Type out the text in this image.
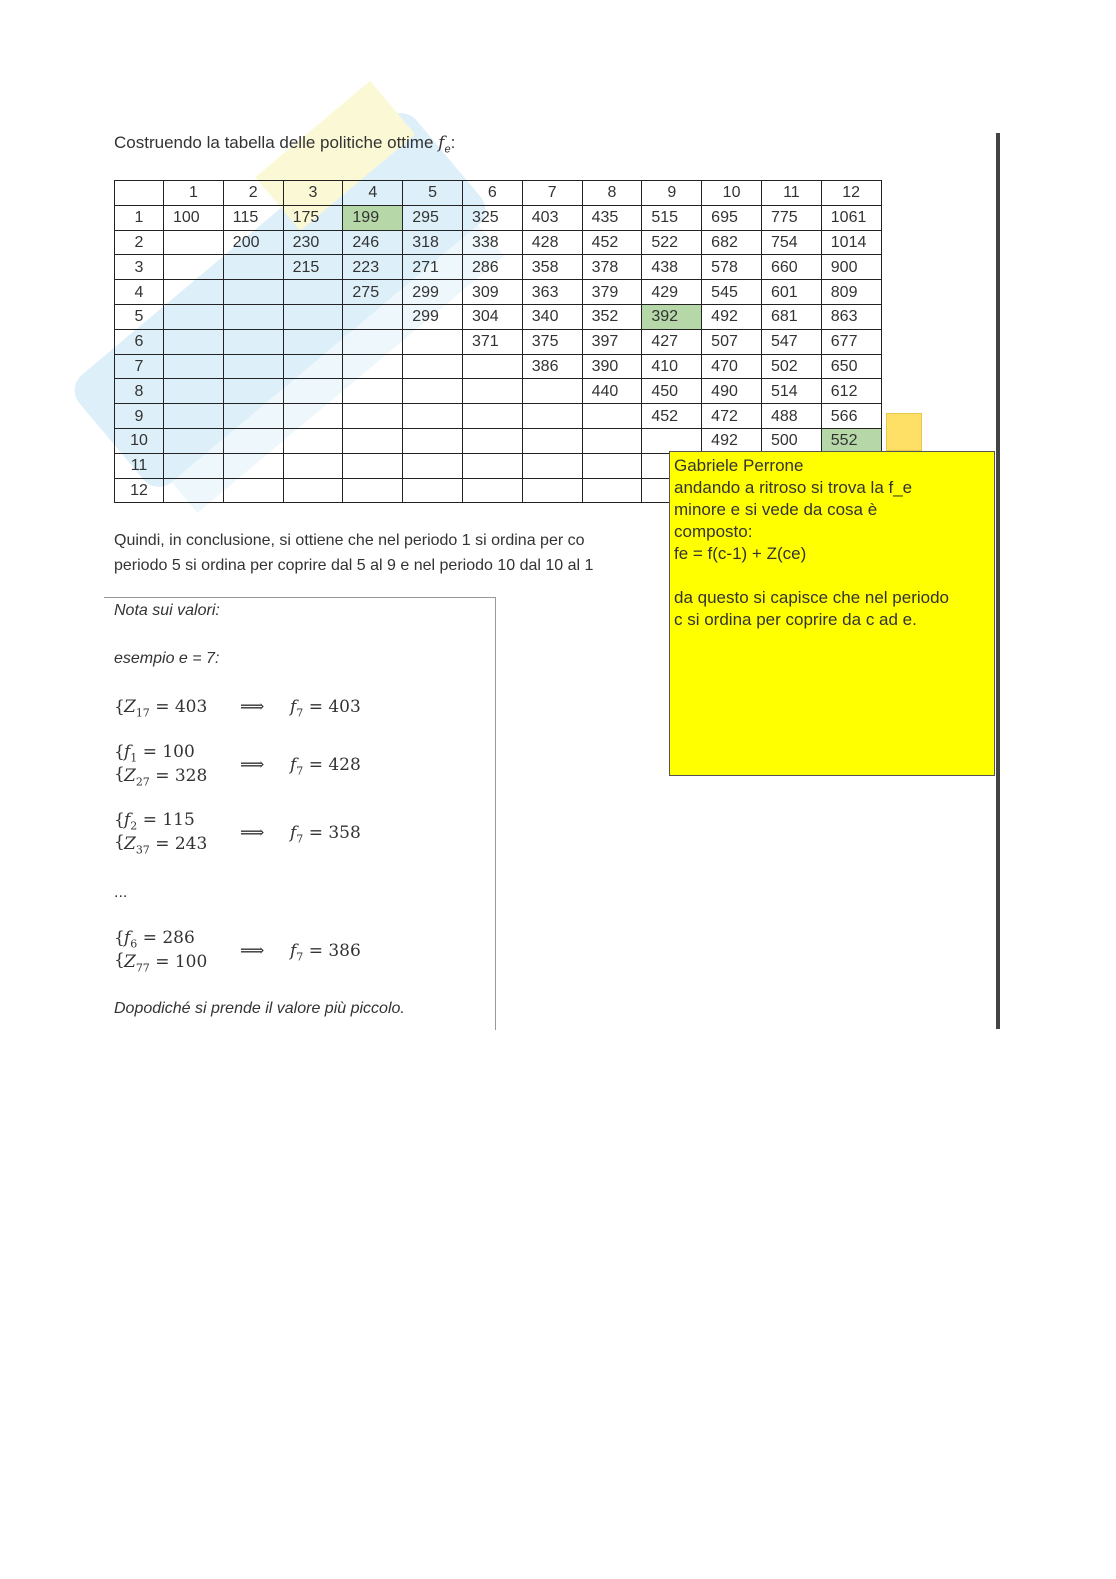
Costruendo la tabella delle politiche ottime $f_e$:
	1	2	3	4	5	6	7	8	9	10	11	12
1	100	115	175	199	295	325	403	435	515	695	775	1061
2		200	230	246	318	338	428	452	522	682	754	1014
3			215	223	271	286	358	378	438	578	660	900
4				275	299	309	363	379	429	545	601	809
5					299	304	340	352	392	492	681	863
6						371	375	397	427	507	547	677
7							386	390	410	470	502	650
8								440	450	490	514	612
9									452	472	488	566
10										492	500	552
11												
12												
Quindi, in conclusione, si ottiene che nel periodo 1 si ordina per co
periodo 5 si ordina per coprire dal 5 al 9 e nel periodo 10 dal 10 al 1
Nota sui valori:
esempio e = 7:
{ $Z_{17} = 403$ ⟹ $f_7 = 403$
{
{
$f_1 = 100$
$Z_{27} = 328$
⟹ $f_7 = 428$
{
{
$f_2 = 115$
$Z_{37} = 243$
⟹ $f_7 = 358$
...
{
{
$f_6 = 286$
$Z_{77} = 100$
⟹ $f_7 = 386$
Dopodiché si prende il valore più piccolo.

Gabriele Perrone

andando a ritroso si trova la f_e

minore e si vede da cosa è

composto:

fe = f(c-1) + Z(ce)

da questo si capisce che nel periodo

c si ordina per coprire da c ad e.
